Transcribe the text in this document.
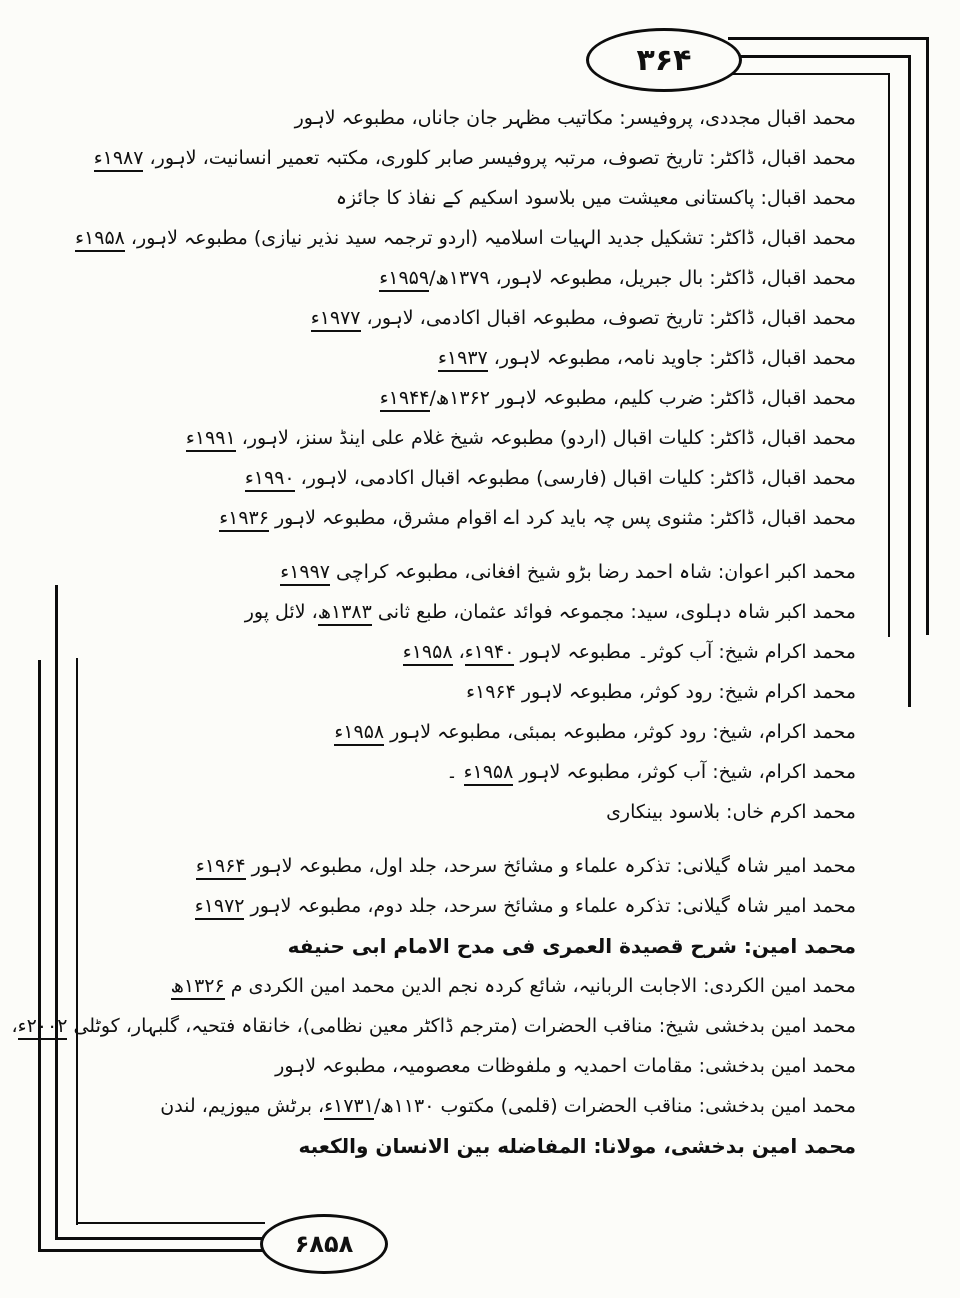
۳۶۴
۶۸۵۸
محمد اقبال مجددی، پروفیسر: مکاتیب مظہر جان جاناں، مطبوعہ لاہور
محمد اقبال، ڈاکٹر: تاریخ تصوف، مرتبہ پروفیسر صابر کلوری، مکتبہ تعمیر انسانیت، لاہور، ۱۹۸۷ء
محمد اقبال: پاکستانی معیشت میں بلاسود اسکیم کے نفاذ کا جائزہ
محمد اقبال، ڈاکٹر: تشکیل جدید الہیات اسلامیہ (اردو ترجمہ سید نذیر نیازی) مطبوعہ لاہور، ۱۹۵۸ء
محمد اقبال، ڈاکٹر: بال جبریل، مطبوعہ لاہور، ۱۳۷۹ھ/۱۹۵۹ء
محمد اقبال، ڈاکٹر: تاریخ تصوف، مطبوعہ اقبال اکادمی، لاہور، ۱۹۷۷ء
محمد اقبال، ڈاکٹر: جاوید نامہ، مطبوعہ لاہور، ۱۹۳۷ء
محمد اقبال، ڈاکٹر: ضرب کلیم، مطبوعہ لاہور ۱۳۶۲ھ/۱۹۴۴ء
محمد اقبال، ڈاکٹر: کلیات اقبال (اردو) مطبوعہ شیخ غلام علی اینڈ سنز، لاہور، ۱۹۹۱ء
محمد اقبال، ڈاکٹر: کلیات اقبال (فارسی) مطبوعہ اقبال اکادمی، لاہور، ۱۹۹۰ء
محمد اقبال، ڈاکٹر: مثنوی پس چہ باید کرد اے اقوام مشرق، مطبوعہ لاہور ۱۹۳۶ء
محمد اکبر اعوان: شاہ احمد رضا بڑو شیخ افغانی، مطبوعہ کراچی ۱۹۹۷ء
محمد اکبر شاہ دہلوی، سید: مجموعہ فوائد عثمان، طبع ثانی ۱۳۸۳ھ، لائل پور
محمد اکرام شیخ: آب کوثر۔ مطبوعہ لاہور ۱۹۴۰ء، ۱۹۵۸ء
محمد اکرام شیخ: رود کوثر، مطبوعہ لاہور ۱۹۶۴ء
محمد اکرام، شیخ: رود کوثر، مطبوعہ بمبئی، مطبوعہ لاہور ۱۹۵۸ء
محمد اکرام، شیخ: آب کوثر، مطبوعہ لاہور ۱۹۵۸ء ۔
محمد اکرم خاں: بلاسود بینکاری
محمد امیر شاہ گیلانی: تذکرہ علماء و مشائخ سرحد، جلد اول، مطبوعہ لاہور ۱۹۶۴ء
محمد امیر شاہ گیلانی: تذکرہ علماء و مشائخ سرحد، جلد دوم، مطبوعہ لاہور ۱۹۷۲ء
محمد امین: شرح قصیدة العمری فی مدح الامام ابی حنیفه
محمد امین الکردی: الاجابت الربانیہ، شائع کردہ نجم الدین محمد امین الکردی م ۱۳۲۶ھ
محمد امین بدخشی شیخ: مناقب الحضرات (مترجم ڈاکٹر معین نظامی)، خانقاہ فتحیہ، گلبہار، کوٹلی ۲۰۰۲ء،
محمد امین بدخشی: مقامات احمدیہ و ملفوظات معصومیہ، مطبوعہ لاہور
محمد امین بدخشی: مناقب الحضرات (قلمی) مکتوب ۱۱۳۰ھ/۱۷۳۱ء، برٹش میوزیم، لندن
محمد امین بدخشی، مولانا: المفاضله بین الانسان والکعبه
